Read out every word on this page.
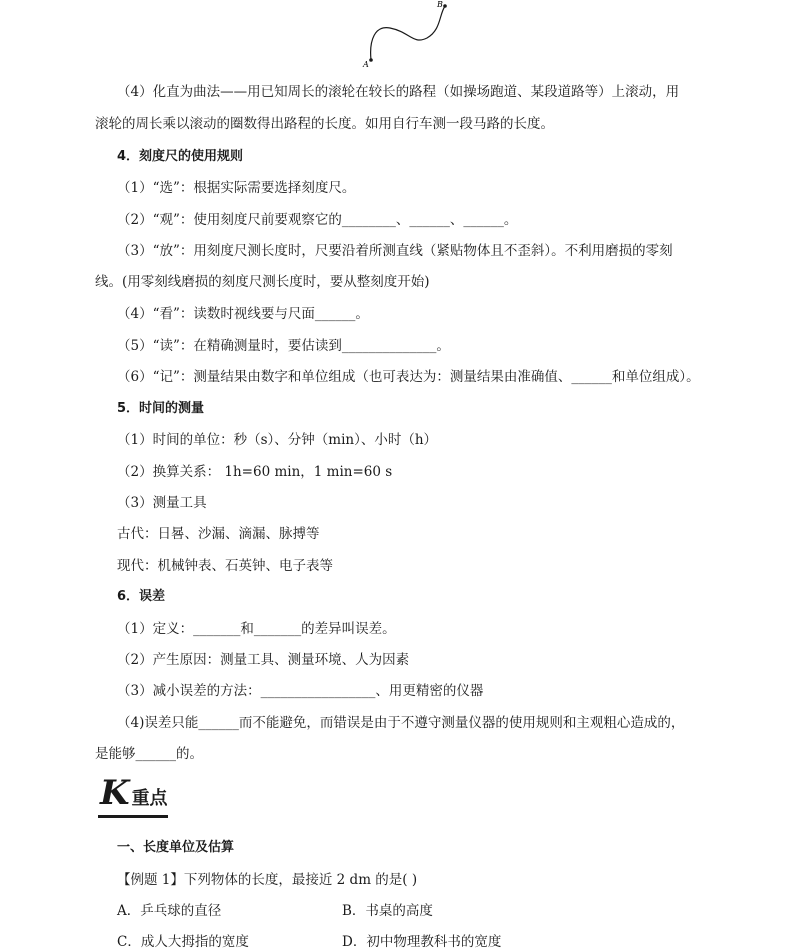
A
B
（4）化直为曲法——用已知周长的滚轮在较长的路程（如操场跑道、某段道路等）上滚动，用
滚轮的周长乘以滚动的圈数得出路程的长度。如用自行车测一段马路的长度。
4．刻度尺的使用规则
（1）“选”：根据实际需要选择刻度尺。
（2）“观”：使用刻度尺前要观察它的________、______、______。
（3）“放”：用刻度尺测长度时，尺要沿着所测直线（紧贴物体且不歪斜）。不利用磨损的零刻
线。(用零刻线磨损的刻度尺测长度时，要从整刻度开始)
（4）“看”：读数时视线要与尺面______。
（5）“读”：在精确测量时，要估读到______________。
（6）“记”：测量结果由数字和单位组成（也可表达为：测量结果由准确值、______和单位组成）。
5．时间的测量
（1）时间的单位：秒（s）、分钟（min）、小时（h）
（2）换算关系： 1h=60 min，1 min=60 s
（3）测量工具
古代：日晷、沙漏、滴漏、脉搏等
现代：机械钟表、石英钟、电子表等
6．误差
（1）定义：_______和_______的差异叫误差。
（2）产生原因：测量工具、测量环境、人为因素
（3）减小误差的方法：_________________、用更精密的仪器
（4)误差只能______而不能避免，而错误是由于不遵守测量仪器的使用规则和主观粗心造成的，
是能够______的。
K重点
一、长度单位及估算
【例题 1】下列物体的长度，最接近 2 dm 的是( )
A．乒乓球的直径	B．书桌的高度
C．成人大拇指的宽度	D．初中物理教科书的宽度
